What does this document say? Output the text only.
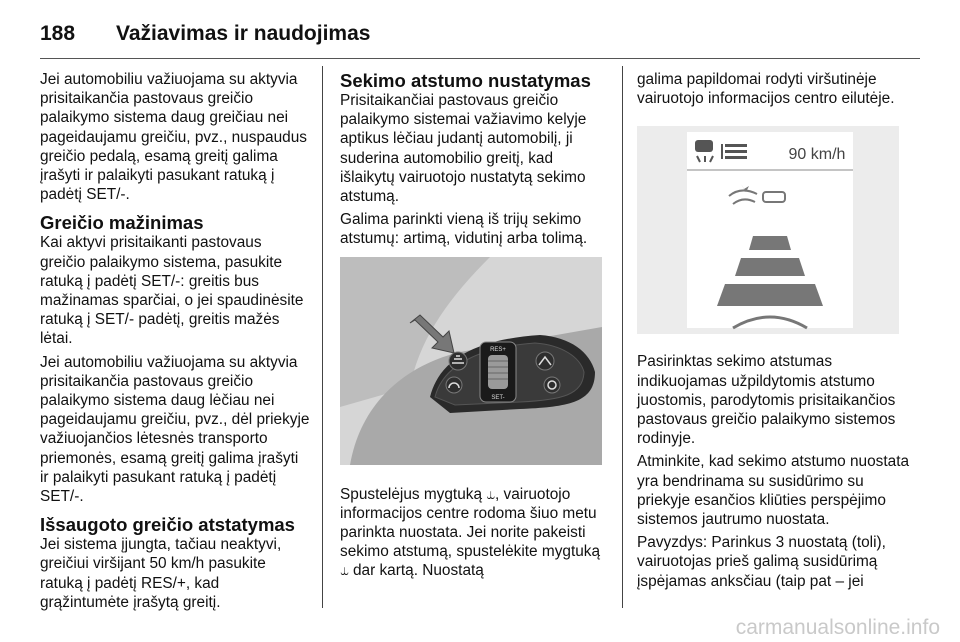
188	Važiavimas ir naudojimas

Jei automobiliu važiuojama su aktyvia prisitaikančia pastovaus greičio palaikymo sistema daug greičiau nei pageidaujamu greičiu, pvz., nuspaudus greičio pedalą, esamą greitį galima įrašyti ir palaikyti pasukant ratuką į padėtį SET/-.

Greičio mažinimas

Kai aktyvi prisitaikanti pastovaus greičio palaikymo sistema, pasukite ratuką į padėtį SET/-: greitis bus mažinamas sparčiai, o jei spaudinėsite ratuką į SET/- padėtį, greitis mažės lėtai.

Jei automobiliu važiuojama su aktyvia prisitaikančia pastovaus greičio palaikymo sistema daug lėčiau nei pageidaujamu greičiu, pvz., dėl priekyje važiuojančios lėtesnės transporto priemonės, esamą greitį galima įrašyti ir palaikyti pasukant ratuką į padėtį SET/-.

Išsaugoto greičio atstatymas

Jei sistema įjungta, tačiau neaktyvi, greičiui viršijant 50 km/h pasukite ratuką į padėtį RES/+, kad grąžintumėte įrašytą greitį.

Sekimo atstumo nustatymas

Prisitaikančiai pastovaus greičio palaikymo sistemai važiavimo kelyje aptikus lėčiau judantį automobilį, ji suderina automobilio greitį, kad išlaikytų vairuotojo nustatytą sekimo atstumą.

Galima parinkti vieną iš trijų sekimo atstumų: artimą, vidutinį arba tolimą.

RES+
SET-

Spustelėjus mygtuką ⥿, vairuotojo informacijos centre rodoma šiuo metu parinkta nuostata. Jei norite pakeisti sekimo atstumą, spustelėkite mygtuką ⥿ dar kartą. Nuostatą

galima papildomai rodyti viršutinėje vairuotojo informacijos centro eilutėje.

90 km/h

Pasirinktas sekimo atstumas indikuojamas užpildytomis atstumo juostomis, parodytomis prisitaikančios pastovaus greičio palaikymo sistemos rodinyje.

Atminkite, kad sekimo atstumo nuostata yra bendrinama su susidūrimo su priekyje esančios kliūties perspėjimo sistemos jautrumo nuostata.

Pavyzdys: Parinkus 3 nuostatą (toli), vairuotojas prieš galimą susidūrimą įspėjamas anksčiau (taip pat – jei

carmanualsonline.info
